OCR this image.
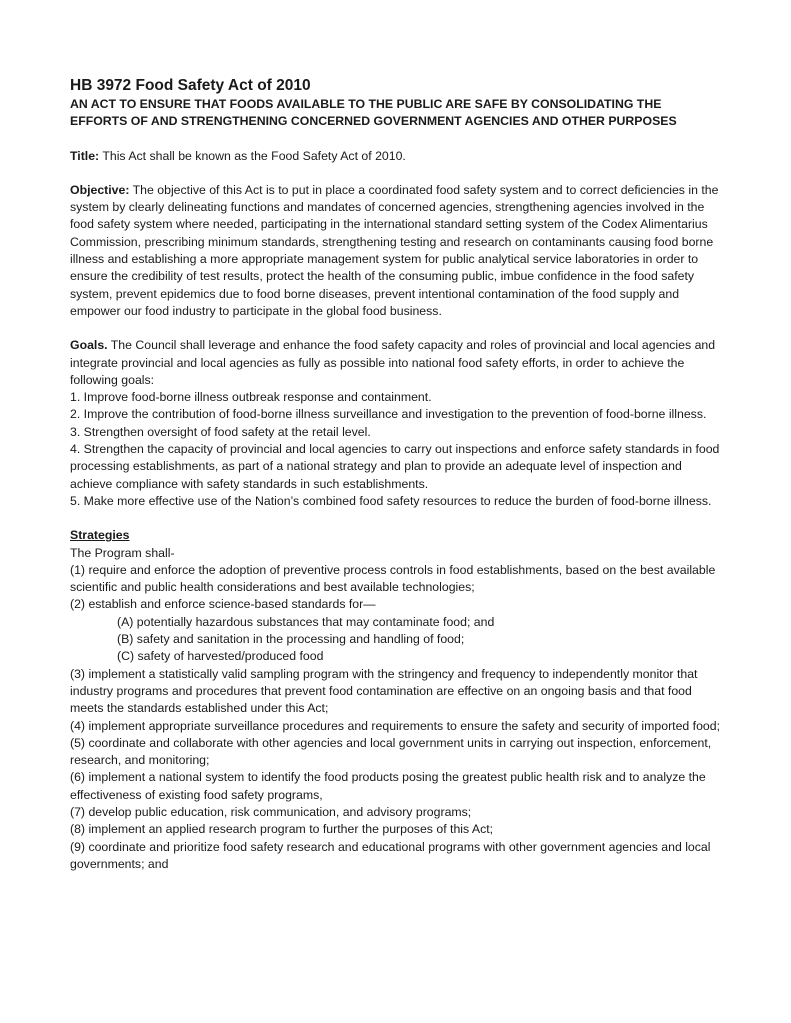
HB 3972 Food Safety Act of 2010

AN ACT TO ENSURE THAT FOODS AVAILABLE TO THE PUBLIC ARE SAFE BY CONSOLIDATING THE EFFORTS OF AND STRENGTHENING CONCERNED GOVERNMENT AGENCIES AND OTHER PURPOSES

Title: This Act shall be known as the Food Safety Act of 2010.

Objective: The objective of this Act is to put in place a coordinated food safety system and to correct deficiencies in the system by clearly delineating functions and mandates of concerned agencies, strengthening agencies involved in the food safety system where needed, participating in the international standard setting system of the Codex Alimentarius Commission, prescribing minimum standards, strengthening testing and research on contaminants causing food borne illness and establishing a more appropriate management system for public analytical service laboratories in order to ensure the credibility of test results, protect the health of the consuming public, imbue confidence in the food safety system, prevent epidemics due to food borne diseases, prevent intentional contamination of the food supply and empower our food industry to participate in the global food business.

Goals. The Council shall leverage and enhance the food safety capacity and roles of provincial and local agencies and integrate provincial and local agencies as fully as possible into national food safety efforts, in order to achieve the following goals:

1. Improve food-borne illness outbreak response and containment.

2. Improve the contribution of food-borne illness surveillance and investigation to the prevention of food-borne illness.

3. Strengthen oversight of food safety at the retail level.

4. Strengthen the capacity of provincial and local agencies to carry out inspections and enforce safety standards in food processing establishments, as part of a national strategy and plan to provide an adequate level of inspection and achieve compliance with safety standards in such establishments.

5. Make more effective use of the Nation’s combined food safety resources to reduce the burden of food-borne illness.

Strategies

The Program shall-

(1) require and enforce the adoption of preventive process controls in food establishments, based on the best available scientific and public health considerations and best available technologies;

(2) establish and enforce science-based standards for—

(A) potentially hazardous substances that may contaminate food; and

(B) safety and sanitation in the processing and handling of food;

(C) safety of harvested/produced food

(3) implement a statistically valid sampling program with the stringency and frequency to independently monitor that industry programs and procedures that prevent food contamination are effective on an ongoing basis and that food meets the standards established under this Act;

(4) implement appropriate surveillance procedures and requirements to ensure the safety and security of imported food;

(5) coordinate and collaborate with other agencies and local government units in carrying out inspection, enforcement, research, and monitoring;

(6) implement a national system to identify the food products posing the greatest public health risk and to analyze the effectiveness of existing food safety programs,

(7) develop public education, risk communication, and advisory programs;

(8) implement an applied research program to further the purposes of this Act;

(9) coordinate and prioritize food safety research and educational programs with other government agencies and local governments; and
